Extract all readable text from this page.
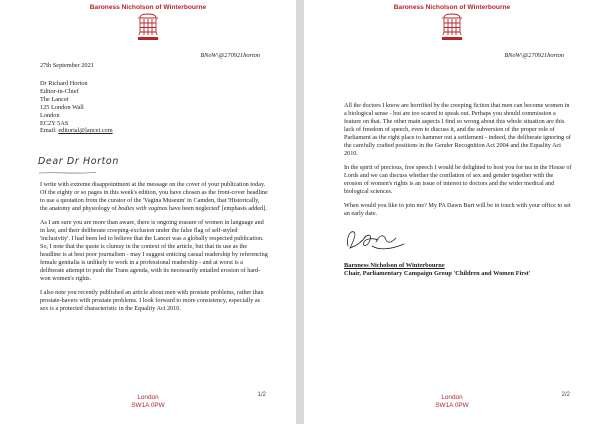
Baroness Nicholson of Winterbourne
BNoW\@270921horton
27th September 2021
Dr Richard Horton
Editor-in-Chief
The Lancet
125 London Wall
London
EC2Y 5AS
Email: editorial@lancet.com
Dear Dr Horton

I write with extreme disappointment at the message on the cover of your publication today. Of the eighty or so pages in this week's edition, you have chosen as the front-cover headline to use a quotation from the curator of the 'Vagina Museum' in Camden, that 'Historically, the anatomy and physiology of bodies with vaginas have been neglected' [emphasis added].

As I am sure you are more than aware, there is ongoing erasure of women in language and in law, and their deliberate creeping-exclusion under the false flag of self-styled 'inclusivity'. I had been led to believe that the Lancet was a globally respected publication. So, I note that the quote is clumsy in the context of the article, but that its use as the headline is at best poor journalism - may I suggest enticing casual readership by referencing female genitalia is unlikely to work in a professional readership - and at worst is a deliberate attempt to push the Trans agenda, with its necessarily entailed erosion of hard-won women's rights.

I also note you recently published an article about men with prostate problems, rather than prostate-havers with prostate problems. I look forward to more consistency, especially as sex is a protected characteristic in the Equality Act 2010.

London
SW1A 0PW
1/2
Baroness Nicholson of Winterbourne
BNoW\@270921horton

All the doctors I know are horrified by the creeping fiction that men can become women in a biological sense - but are too scared to speak out. Perhaps you should commission a feature on that. The other main aspects I find so wrong about this whole situation are this lack of freedom of speech, even to discuss it, and the subversion of the proper role of Parliament as the right place to hammer out a settlement - indeed, the deliberate ignoring of the carefully crafted positions in the Gender Recognition Act 2004 and the Equality Act 2010.

In the spirit of precious, free speech I would be delighted to host you for tea in the House of Lords and we can discuss whether the conflation of sex and gender together with the erosion of women's rights is an issue of interest to doctors and the wider medical and biological sciences.

When would you like to join me? My PA Dawn Burt will be in touch with your office to set an early date.

Baroness Nicholson of Winterbourne
Chair, Parliamentary Campaign Group 'Children and Women First'
London
SW1A 0PW
2/2
